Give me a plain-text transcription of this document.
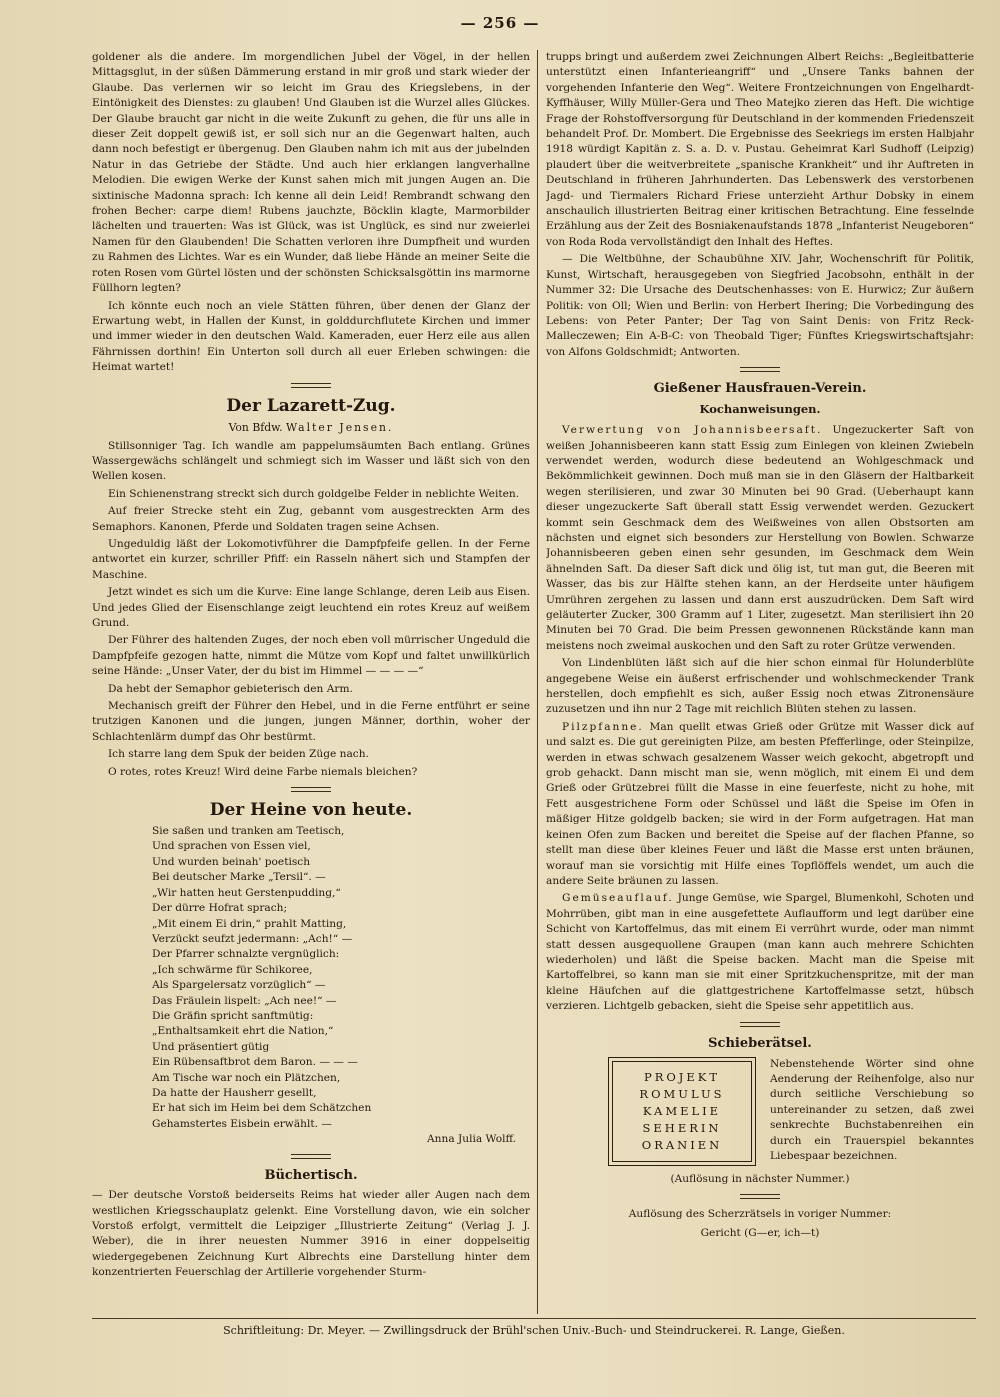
— 256 —

goldener als die andere. Im morgendlichen Jubel der Vögel, in der hellen Mittagsglut, in der süßen Dämmerung erstand in mir groß und stark wieder der Glaube. Das verlernen wir so leicht im Grau des Kriegslebens, in der Eintönigkeit des Dienstes: zu glauben! Und Glauben ist die Wurzel alles Glückes. Der Glaube braucht gar nicht in die weite Zukunft zu gehen, die für uns alle in dieser Zeit doppelt gewiß ist, er soll sich nur an die Gegenwart halten, auch dann noch befestigt er übergenug. Den Glauben nahm ich mit aus der jubelnden Natur in das Getriebe der Städte. Und auch hier erklangen langverhallne Melodien. Die ewigen Werke der Kunst sahen mich mit jungen Augen an. Die sixtinische Madonna sprach: Ich kenne all dein Leid! Rembrandt schwang den frohen Becher: carpe diem! Rubens jauchzte, Böcklin klagte, Marmorbilder lächelten und trauerten: Was ist Glück, was ist Unglück, es sind nur zweierlei Namen für den Glaubenden! Die Schatten verloren ihre Dumpfheit und wurden zu Rahmen des Lichtes. War es ein Wunder, daß liebe Hände an meiner Seite die roten Rosen vom Gürtel lösten und der schönsten Schicksalsgöttin ins marmorne Füllhorn legten?

Ich könnte euch noch an viele Stätten führen, über denen der Glanz der Erwartung webt, in Hallen der Kunst, in golddurchflutete Kirchen und immer und immer wieder in den deutschen Wald. Kameraden, euer Herz eile aus allen Fährnissen dorthin! Ein Unterton soll durch all euer Erleben schwingen: die Heimat wartet!

Der Lazarett-Zug.
Von Bfdw. Walter Jensen.

Stillsonniger Tag. Ich wandle am pappelumsäumten Bach entlang. Grünes Wassergewächs schlängelt und schmiegt sich im Wasser und läßt sich von den Wellen kosen.

Ein Schienenstrang streckt sich durch goldgelbe Felder in neblichte Weiten.

Auf freier Strecke steht ein Zug, gebannt vom ausgestreckten Arm des Semaphors. Kanonen, Pferde und Soldaten tragen seine Achsen.

Ungeduldig läßt der Lokomotivführer die Dampfpfeife gellen. In der Ferne antwortet ein kurzer, schriller Pfiff: ein Rasseln nähert sich und Stampfen der Maschine.

Jetzt windet es sich um die Kurve: Eine lange Schlange, deren Leib aus Eisen. Und jedes Glied der Eisenschlange zeigt leuchtend ein rotes Kreuz auf weißem Grund.

Der Führer des haltenden Zuges, der noch eben voll mürrischer Ungeduld die Dampfpfeife gezogen hatte, nimmt die Mütze vom Kopf und faltet unwillkürlich seine Hände: „Unser Vater, der du bist im Himmel — — — —“

Da hebt der Semaphor gebieterisch den Arm.

Mechanisch greift der Führer den Hebel, und in die Ferne entführt er seine trutzigen Kanonen und die jungen, jungen Männer, dorthin, woher der Schlachtenlärm dumpf das Ohr bestürmt.

Ich starre lang dem Spuk der beiden Züge nach.

O rotes, rotes Kreuz! Wird deine Farbe niemals bleichen?

Der Heine von heute.
Sie saßen und tranken am Teetisch,
Und sprachen von Essen viel,
Und wurden beinah' poetisch
Bei deutscher Marke „Tersil“. —
„Wir hatten heut Gerstenpudding,“
Der dürre Hofrat sprach;
„Mit einem Ei drin,“ prahlt Matting,
Verzückt seufzt jedermann: „Ach!“ —
Der Pfarrer schnalzte vergnüglich:
„Ich schwärme für Schikoree,
Als Spargelersatz vorzüglich“ —
Das Fräulein lispelt: „Ach nee!“ —
Die Gräfin spricht sanftmütig:
„Enthaltsamkeit ehrt die Nation,“
Und präsentiert gütig
Ein Rübensaftbrot dem Baron. — — —
Am Tische war noch ein Plätzchen,
Da hatte der Hausherr gesellt,
Er hat sich im Heim bei dem Schätzchen
Gehamstertes Eisbein erwählt. —
Anna Julia Wolff.
Büchertisch.

— Der deutsche Vorstoß beiderseits Reims hat wieder aller Augen nach dem westlichen Kriegsschauplatz gelenkt. Eine Vorstellung davon, wie ein solcher Vorstoß erfolgt, vermittelt die Leipziger „Illustrierte Zeitung“ (Verlag J. J. Weber), die in ihrer neuesten Nummer 3916 in einer doppelseitig wiedergegebenen Zeichnung Kurt Albrechts eine Darstellung hinter dem konzentrierten Feuerschlag der Artillerie vorgehender Sturm-

trupps bringt und außerdem zwei Zeichnungen Albert Reichs: „Begleitbatterie unterstützt einen Infanterieangriff“ und „Unsere Tanks bahnen der vorgehenden Infanterie den Weg“. Weitere Frontzeichnungen von Engelhardt-Kyffhäuser, Willy Müller-Gera und Theo Matejko zieren das Heft. Die wichtige Frage der Rohstoffversorgung für Deutschland in der kommenden Friedenszeit behandelt Prof. Dr. Mombert. Die Ergebnisse des Seekriegs im ersten Halbjahr 1918 würdigt Kapitän z. S. a. D. v. Pustau. Geheimrat Karl Sudhoff (Leipzig) plaudert über die weitverbreitete „spanische Krankheit“ und ihr Auftreten in Deutschland in früheren Jahrhunderten. Das Lebenswerk des verstorbenen Jagd- und Tiermalers Richard Friese unterzieht Arthur Dobsky in einem anschaulich illustrierten Beitrag einer kritischen Betrachtung. Eine fesselnde Erzählung aus der Zeit des Bosniakenaufstands 1878 „Infanterist Neugeboren“ von Roda Roda vervollständigt den Inhalt des Heftes.

— Die Weltbühne, der Schaubühne XIV. Jahr, Wochenschrift für Politik, Kunst, Wirtschaft, herausgegeben von Siegfried Jacobsohn, enthält in der Nummer 32: Die Ursache des Deutschenhasses: von E. Hurwicz; Zur äußern Politik: von Oll; Wien und Berlin: von Herbert Ihering; Die Vorbedingung des Lebens: von Peter Panter; Der Tag von Saint Denis: von Fritz Reck-Malleczewen; Ein A-B-C: von Theobald Tiger; Fünftes Kriegswirtschaftsjahr: von Alfons Goldschmidt; Antworten.

Gießener Hausfrauen-Verein.
Kochanweisungen.

Verwertung von Johannisbeersaft. Ungezuckerter Saft von weißen Johannisbeeren kann statt Essig zum Einlegen von kleinen Zwiebeln verwendet werden, wodurch diese bedeutend an Wohlgeschmack und Bekömmlichkeit gewinnen. Doch muß man sie in den Gläsern der Haltbarkeit wegen sterilisieren, und zwar 30 Minuten bei 90 Grad. (Ueberhaupt kann dieser ungezuckerte Saft überall statt Essig verwendet werden. Gezuckert kommt sein Geschmack dem des Weißweines von allen Obstsorten am nächsten und eignet sich besonders zur Herstellung von Bowlen. Schwarze Johannisbeeren geben einen sehr gesunden, im Geschmack dem Wein ähnelnden Saft. Da dieser Saft dick und ölig ist, tut man gut, die Beeren mit Wasser, das bis zur Hälfte stehen kann, an der Herdseite unter häufigem Umrühren zergehen zu lassen und dann erst auszudrücken. Dem Saft wird geläuterter Zucker, 300 Gramm auf 1 Liter, zugesetzt. Man sterilisiert ihn 20 Minuten bei 70 Grad. Die beim Pressen gewonnenen Rückstände kann man meistens noch zweimal auskochen und den Saft zu roter Grütze verwenden.

Von Lindenblüten läßt sich auf die hier schon einmal für Holunderblüte angegebene Weise ein äußerst erfrischender und wohlschmeckender Trank herstellen, doch empfiehlt es sich, außer Essig noch etwas Zitronensäure zuzusetzen und ihn nur 2 Tage mit reichlich Blüten stehen zu lassen.

Pilzpfanne. Man quellt etwas Grieß oder Grütze mit Wasser dick auf und salzt es. Die gut gereinigten Pilze, am besten Pfefferlinge, oder Steinpilze, werden in etwas schwach gesalzenem Wasser weich gekocht, abgetropft und grob gehackt. Dann mischt man sie, wenn möglich, mit einem Ei und dem Grieß oder Grützebrei füllt die Masse in eine feuerfeste, nicht zu hohe, mit Fett ausgestrichene Form oder Schüssel und läßt die Speise im Ofen in mäßiger Hitze goldgelb backen; sie wird in der Form aufgetragen. Hat man keinen Ofen zum Backen und bereitet die Speise auf der flachen Pfanne, so stellt man diese über kleines Feuer und läßt die Masse erst unten bräunen, worauf man sie vorsichtig mit Hilfe eines Topflöffels wendet, um auch die andere Seite bräunen zu lassen.

Gemüseauflauf. Junge Gemüse, wie Spargel, Blumenkohl, Schoten und Mohrrüben, gibt man in eine ausgefettete Auflaufform und legt darüber eine Schicht von Kartoffelmus, das mit einem Ei verrührt wurde, oder man nimmt statt dessen ausgequollene Graupen (man kann auch mehrere Schichten wiederholen) und läßt die Speise backen. Macht man die Speise mit Kartoffelbrei, so kann man sie mit einer Spritzkuchenspritze, mit der man kleine Häufchen auf die glattgestrichene Kartoffelmasse setzt, hübsch verzieren. Lichtgelb gebacken, sieht die Speise sehr appetitlich aus.

Schieberätsel.
PROJEKT
ROMULUS
KAMELIE
SEHERIN
ORANIEN
Nebenstehende Wörter sind ohne Aenderung der Reihenfolge, also nur durch seitliche Verschiebung so untereinander zu setzen, daß zwei senkrechte Buchstabenreihen ein durch ein Trauerspiel bekanntes Liebespaar bezeichnen.
(Auflösung in nächster Nummer.)
Auflösung des Scherzrätsels in voriger Nummer:
Gericht (G—er, ich—t)
Schriftleitung: Dr. Meyer. — Zwillingsdruck der Brühl'schen Univ.-Buch- und Steindruckerei. R. Lange, Gießen.
